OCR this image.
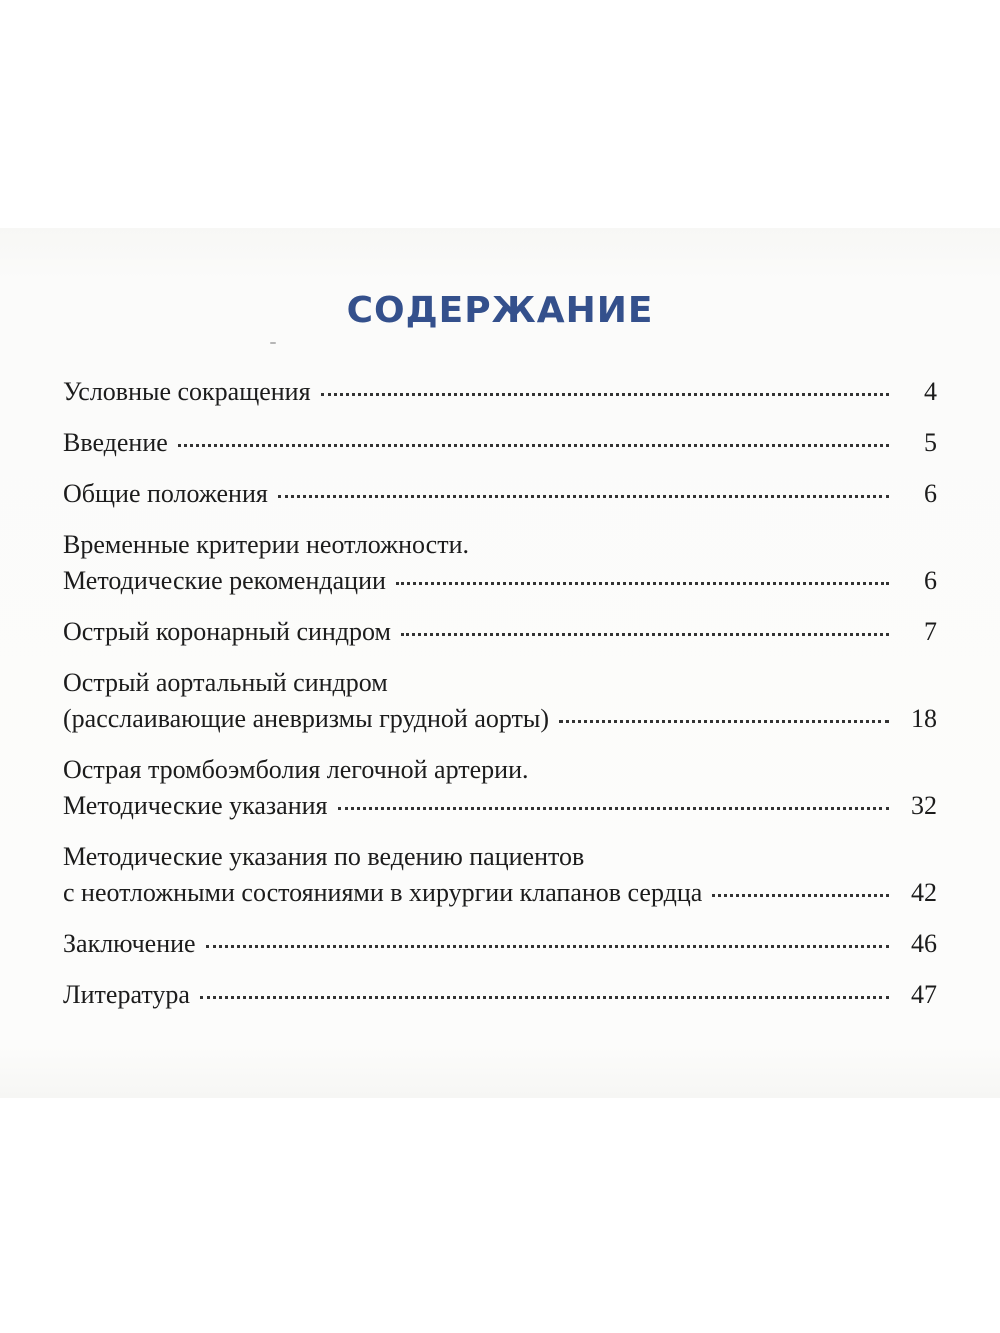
СОДЕРЖАНИЕ
Условные сокращения	4
Введение	5
Общие положения	6
Временные критерии неотложности.
Методические рекомендации	6
Острый коронарный синдром	7
Острый аортальный синдром
(расслаивающие аневризмы грудной аорты)	18
Острая тромбоэмболия легочной артерии.
Методические указания	32
Методические указания по ведению пациентов
с неотложными состояниями в хирургии клапанов сердца	42
Заключение	46
Литература	47
